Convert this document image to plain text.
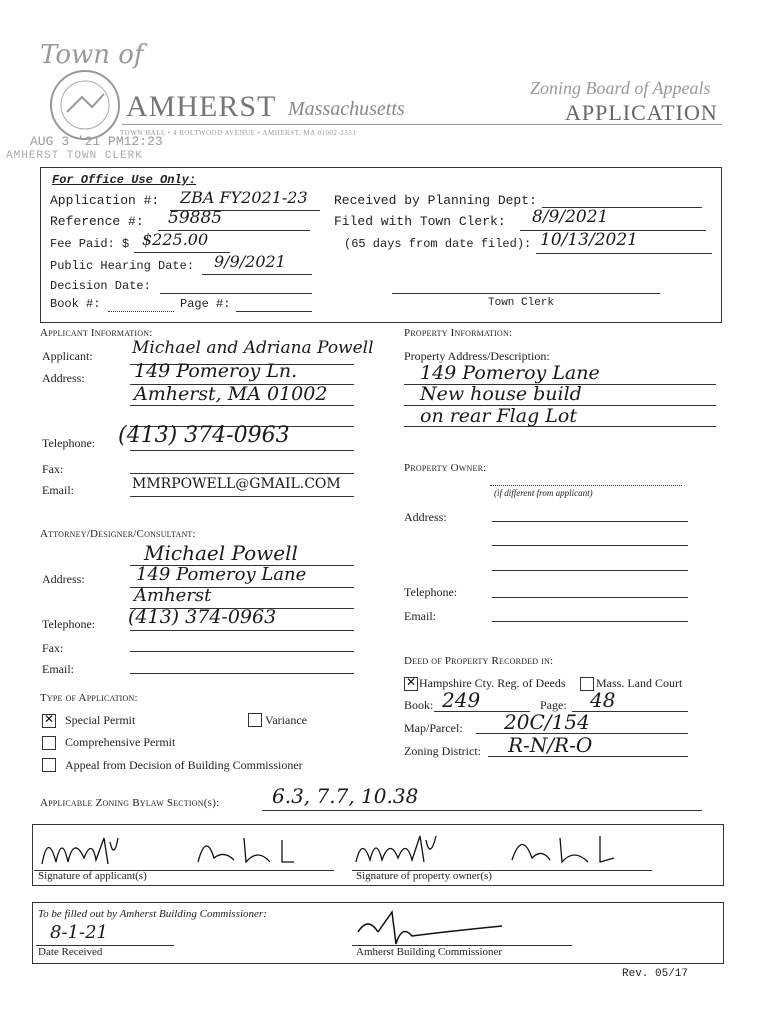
Town of
AMHERST Massachusetts
Zoning Board of Appeals
APPLICATION
TOWN HALL • 4 BOLTWOOD AVENUE • AMHERST, MA 01002-2351
AUG 3 '21 PM12:23
AMHERST TOWN CLERK
For Office Use Only:
Application #: ZBA FY2021-23
Reference #: 59885
Fee Paid: $ $225.00
Public Hearing Date: 9/9/2021
Decision Date:
Book #:	Page #:
Received by Planning Dept:
Filed with Town Clerk: 8/9/2021
(65 days from date filed): 10/13/2021
Town Clerk
Applicant Information:
Applicant: Michael and Adriana Powell
Address:	149 Pomeroy Ln.
Amherst, MA 01002
Telephone: (413) 374-0963
Fax:
Email:	MMRPOWELL@GMAIL.COM
Attorney/Designer/Consultant:
Michael Powell
Address:	149 Pomeroy Lane
Amherst
Telephone: (413) 374-0963
Fax:
Email:
Type of Application:
✕
Special Permit	Variance
Comprehensive Permit
Appeal from Decision of Building Commissioner
Property Information:
Property Address/Description:
149 Pomeroy Lane
New house build
on rear Flag Lot
Property Owner:
(if different from applicant)
Address:
Telephone:
Email:
Deed of Property Recorded in:
✕
Hampshire Cty. Reg. of Deeds	Mass. Land Court
Book: 249	Page: 48
Map/Parcel: 20C/154
Zoning District: R-N/R-O
Applicable Zoning Bylaw Section(s):	6.3, 7.7, 10.38
Signature of applicant(s)	Signature of property owner(s)
To be filled out by Amherst Building Commissioner:
8-1-21
Date Received	Amherst Building Commissioner
Rev. 05/17
